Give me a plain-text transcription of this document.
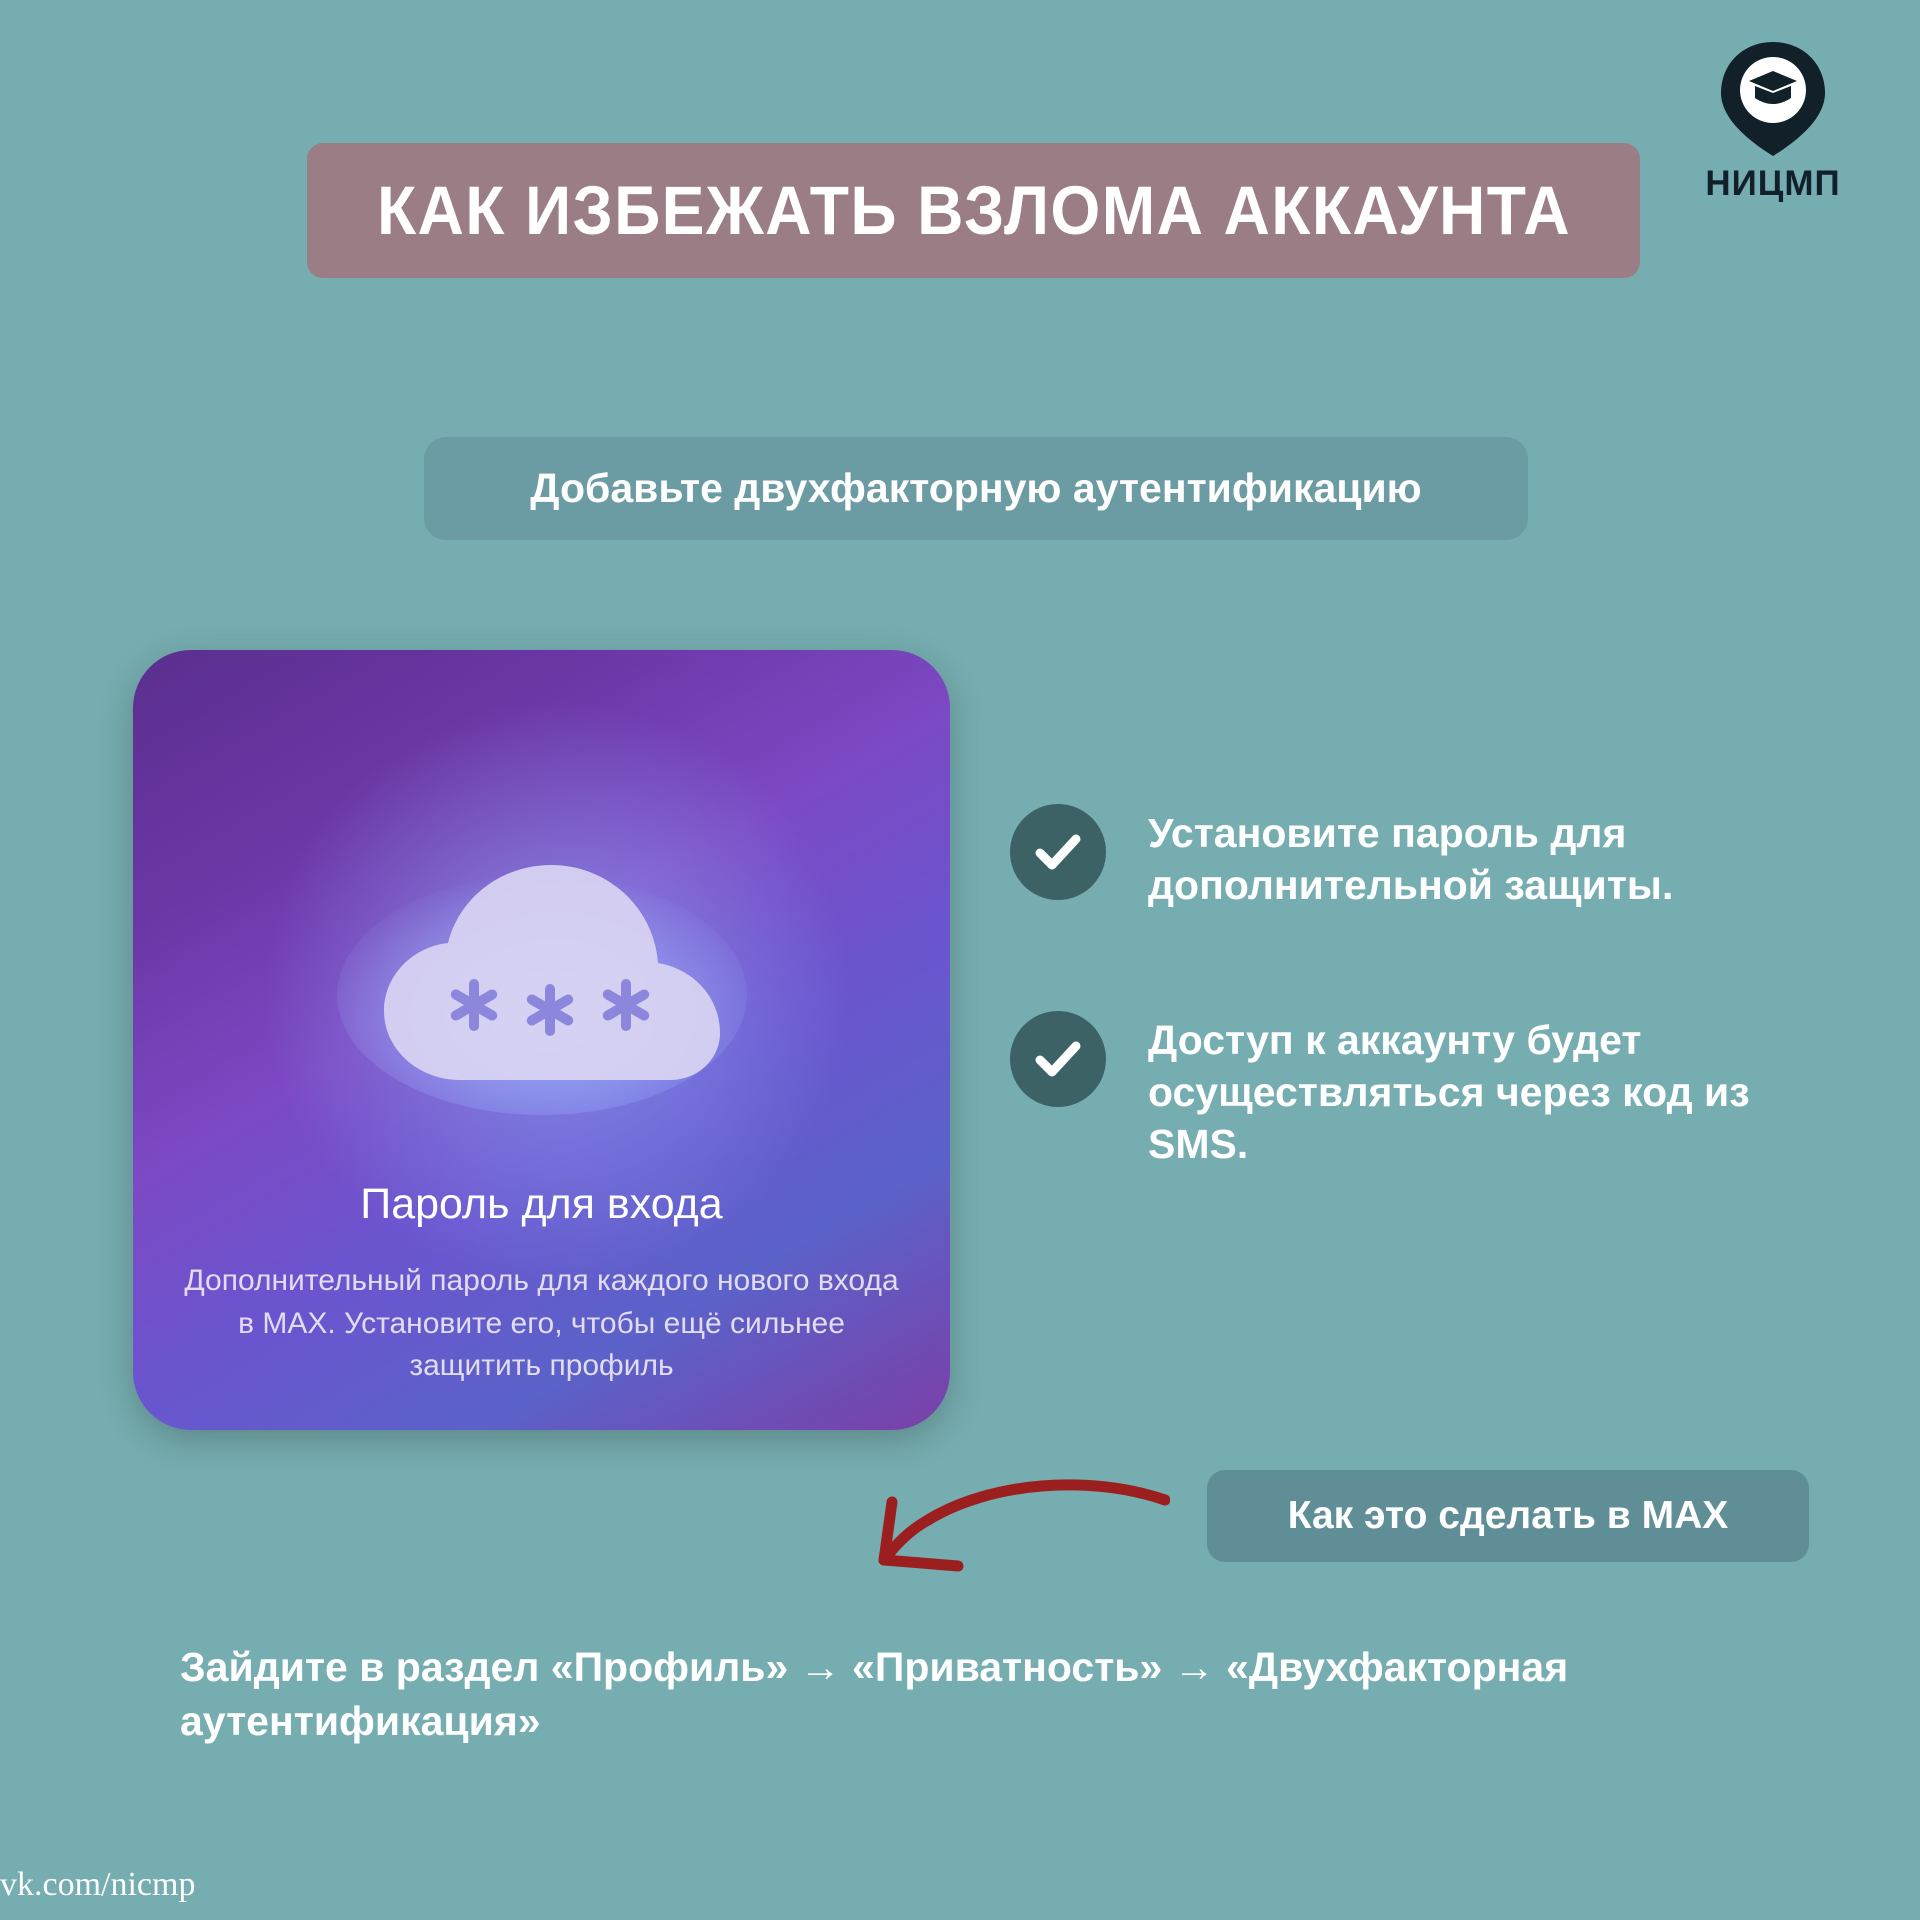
НИЦМП
КАК ИЗБЕЖАТЬ ВЗЛОМА АККАУНТА
Добавьте двухфакторную аутентификацию
Пароль для входа
Дополнительный пароль для каждого нового входа в MAX. Установите его, чтобы ещё сильнее защитить профиль
Установите пароль для дополнительной защиты.
Доступ к аккаунту будет осуществляться через код из SMS.
Как это сделать в MAX
Зайдите в раздел «Профиль» → «Приватность» → «Двухфакторная аутентификация»
vk.com/nicmp
